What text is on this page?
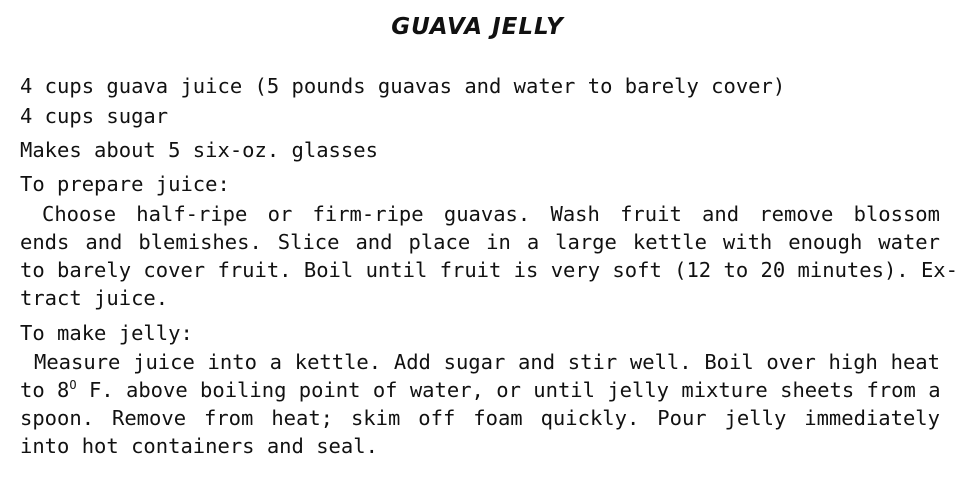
GUAVA JELLY
4 cups guava juice (5 pounds guavas and water to barely cover)
4 cups sugar
Makes about 5 six-oz. glasses
To prepare juice:
Choose half-ripe or firm-ripe guavas. Wash fruit and remove blossom
ends and blemishes. Slice and place in a large kettle with enough water
to barely cover fruit. Boil until fruit is very soft (12 to 20 minutes). Ex-
tract juice.
To make jelly:
Measure juice into a kettle. Add sugar and stir well. Boil over high heat
to $8^O$ F. above boiling point of water, or until jelly mixture sheets from a
spoon. Remove from heat; skim off foam quickly. Pour jelly immediately
into hot containers and seal.
